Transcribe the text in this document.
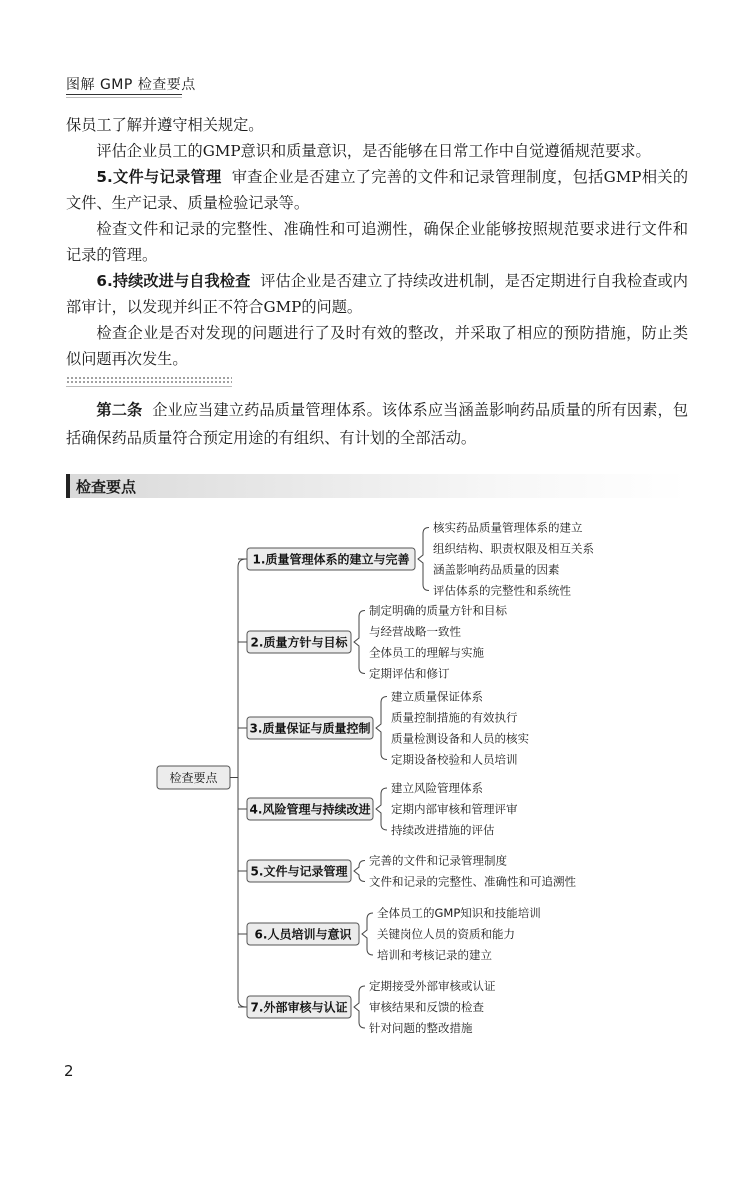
图解 GMP 检查要点

保员工了解并遵守相关规定。

评估企业员工的GMP意识和质量意识，是否能够在日常工作中自觉遵循规范要求。

5.文件与记录管理 审查企业是否建立了完善的文件和记录管理制度，包括GMP相关的文件、生产记录、质量检验记录等。

检查文件和记录的完整性、准确性和可追溯性，确保企业能够按照规范要求进行文件和记录的管理。

6.持续改进与自我检查 评估企业是否建立了持续改进机制，是否定期进行自我检查或内部审计，以发现并纠正不符合GMP的问题。

检查企业是否对发现的问题进行了及时有效的整改，并采取了相应的预防措施，防止类似问题再次发生。

第二条 企业应当建立药品质量管理体系。该体系应当涵盖影响药品质量的所有因素，包括确保药品质量符合预定用途的有组织、有计划的全部活动。

检查要点
检查要点
1.质量管理体系的建立与完善
核实药品质量管理体系的建立
组织结构、职责权限及相互关系
涵盖影响药品质量的因素
评估体系的完整性和系统性
2.质量方针与目标
制定明确的质量方针和目标
与经营战略一致性
全体员工的理解与实施
定期评估和修订
3.质量保证与质量控制
建立质量保证体系
质量控制措施的有效执行
质量检测设备和人员的核实
定期设备校验和人员培训
4.风险管理与持续改进
建立风险管理体系
定期内部审核和管理评审
持续改进措施的评估
5.文件与记录管理
完善的文件和记录管理制度
文件和记录的完整性、准确性和可追溯性
6.人员培训与意识
全体员工的GMP知识和技能培训
关键岗位人员的资质和能力
培训和考核记录的建立
7.外部审核与认证
定期接受外部审核或认证
审核结果和反馈的检查
针对问题的整改措施
2
